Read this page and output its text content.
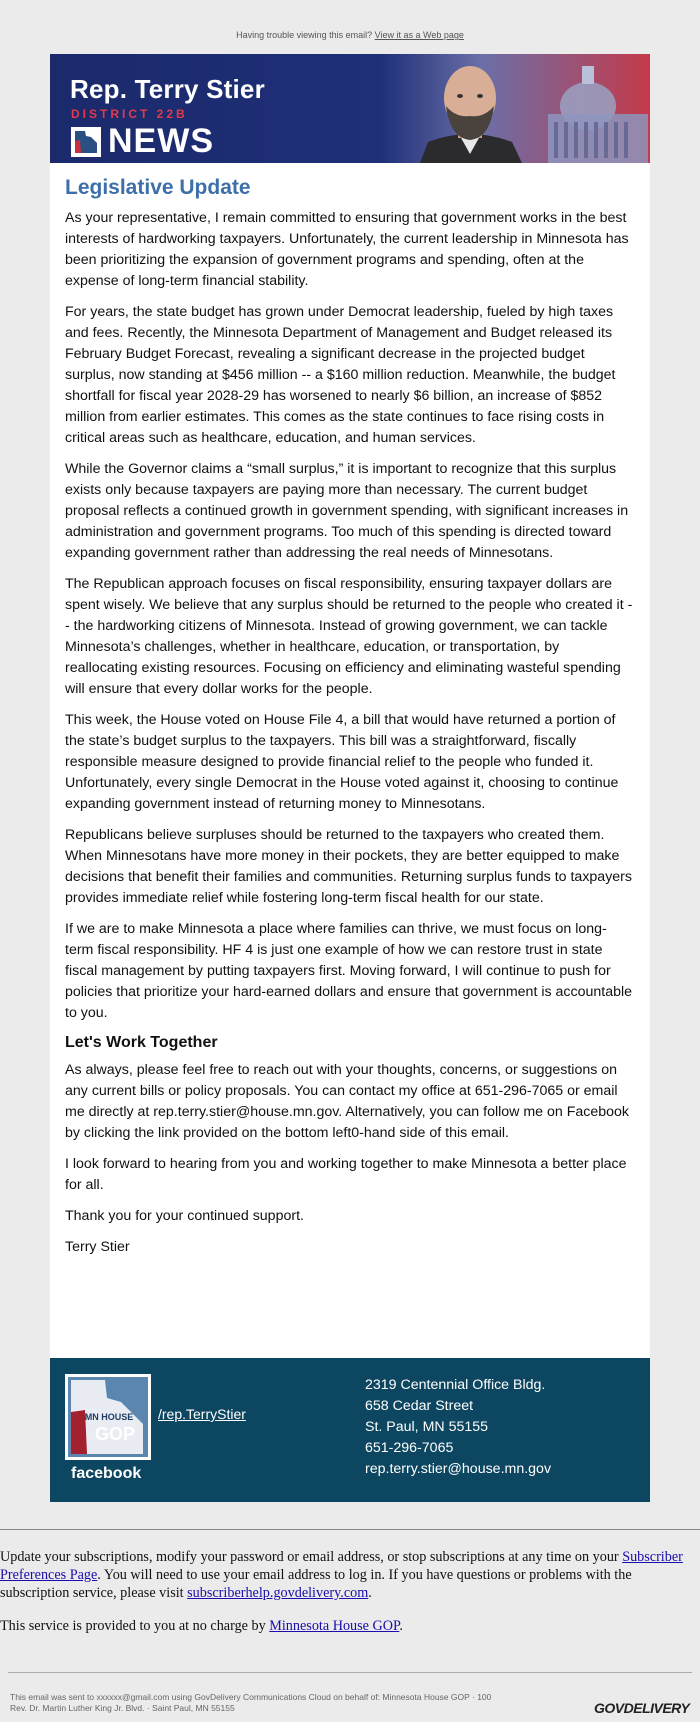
Having trouble viewing this email? View it as a Web page
Rep. Terry Stier
DISTRICT 22B
NEWS
Legislative Update

As your representative, I remain committed to ensuring that government works in the best interests of hardworking taxpayers. Unfortunately, the current leadership in Minnesota has been prioritizing the expansion of government programs and spending, often at the expense of long-term financial stability.

For years, the state budget has grown under Democrat leadership, fueled by high taxes and fees. Recently, the Minnesota Department of Management and Budget released its February Budget Forecast, revealing a significant decrease in the projected budget surplus, now standing at $456 million -- a $160 million reduction. Meanwhile, the budget shortfall for fiscal year 2028-29 has worsened to nearly $6 billion, an increase of $852 million from earlier estimates. This comes as the state continues to face rising costs in critical areas such as healthcare, education, and human services.

While the Governor claims a “small surplus,” it is important to recognize that this surplus exists only because taxpayers are paying more than necessary. The current budget proposal reflects a continued growth in government spending, with significant increases in administration and government programs. Too much of this spending is directed toward expanding government rather than addressing the real needs of Minnesotans.

The Republican approach focuses on fiscal responsibility, ensuring taxpayer dollars are spent wisely. We believe that any surplus should be returned to the people who created it -- the hardworking citizens of Minnesota. Instead of growing government, we can tackle Minnesota’s challenges, whether in healthcare, education, or transportation, by reallocating existing resources. Focusing on efficiency and eliminating wasteful spending will ensure that every dollar works for the people.

This week, the House voted on House File 4, a bill that would have returned a portion of the state’s budget surplus to the taxpayers. This bill was a straightforward, fiscally responsible measure designed to provide financial relief to the people who funded it. Unfortunately, every single Democrat in the House voted against it, choosing to continue expanding government instead of returning money to Minnesotans.

Republicans believe surpluses should be returned to the taxpayers who created them. When Minnesotans have more money in their pockets, they are better equipped to make decisions that benefit their families and communities. Returning surplus funds to taxpayers provides immediate relief while fostering long-term fiscal health for our state.

If we are to make Minnesota a place where families can thrive, we must focus on long-term fiscal responsibility. HF 4 is just one example of how we can restore trust in state fiscal management by putting taxpayers first. Moving forward, I will continue to push for policies that prioritize your hard-earned dollars and ensure that government is accountable to you.

Let's Work Together

As always, please feel free to reach out with your thoughts, concerns, or suggestions on any current bills or policy proposals. You can contact my office at 651-296-7065 or email me directly at rep.terry.stier@house.mn.gov. Alternatively, you can follow me on Facebook by clicking the link provided on the bottom left0-hand side of this email.

I look forward to hearing from you and working together to make Minnesota a better place for all.

Thank you for your continued support.

Terry Stier

MN HOUSE
GOP
facebook
/rep.TerryStier
2319 Centennial Office Bldg.
658 Cedar Street
St. Paul, MN 55155
651-296-7065
rep.terry.stier@house.mn.gov

Update your subscriptions, modify your password or email address, or stop subscriptions at any time on your Subscriber Preferences Page. You will need to use your email address to log in. If you have questions or problems with the subscription service, please visit subscriberhelp.govdelivery.com.

This service is provided to you at no charge by Minnesota House GOP.

This email was sent to xxxxxx@gmail.com using GovDelivery Communications Cloud on behalf of: Minnesota House GOP · 100
Rev. Dr. Martin Luther King Jr. Blvd. · Saint Paul, MN 55155	GOVDELIVERY
